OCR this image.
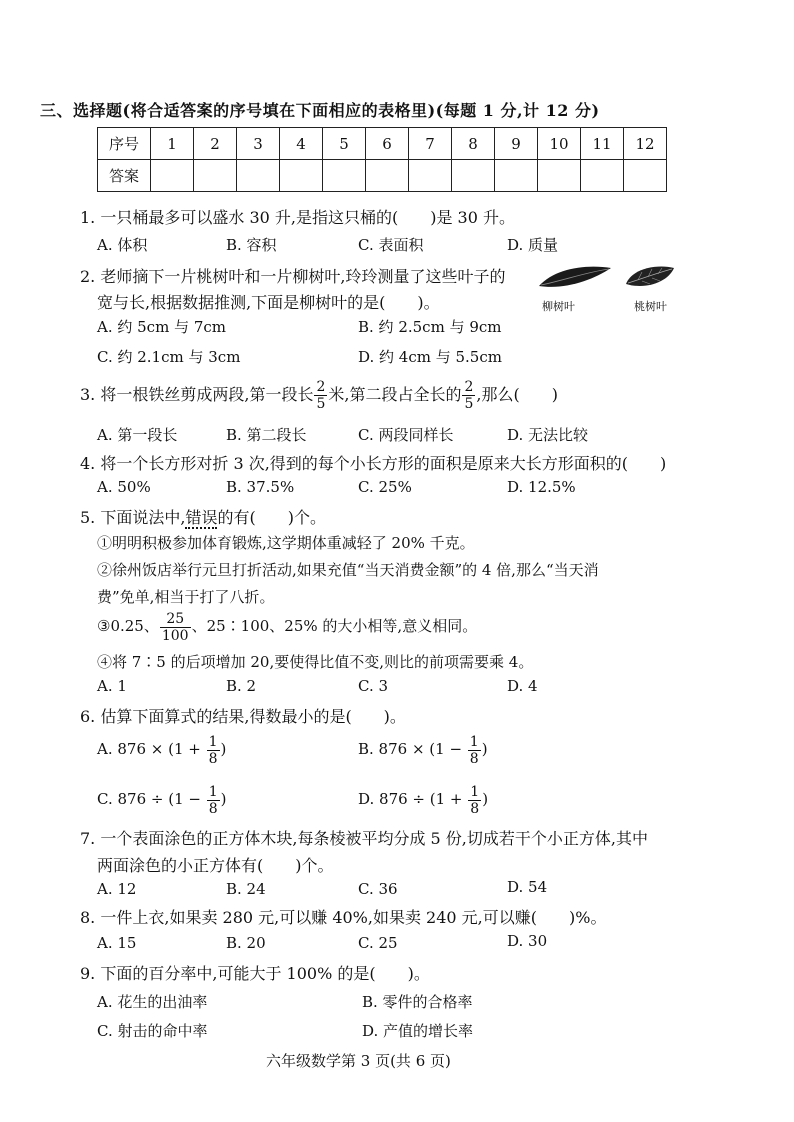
三、选择题(将合适答案的序号填在下面相应的表格里)(每题 1 分,计 12 分)
序号	1	2	3	4	5	6	7	8	9	10	11	12
答案												
1. 一只桶最多可以盛水 30 升,是指这只桶的(　　)是 30 升。
A. 体积	B. 容积	C. 表面积	D. 质量
2. 老师摘下一片桃树叶和一片柳树叶,玲玲测量了这些叶子的
宽与长,根据数据推测,下面是柳树叶的是(　　)。
A. 约 5cm 与 7cm	B. 约 2.5cm 与 9cm
C. 约 2.1cm 与 3cm	D. 约 4cm 与 5.5cm
柳树叶	桃树叶
3. 将一根铁丝剪成两段,第一段长 $\frac{2}{5}$ 米,第二段占全长的 $\frac{2}{5}$ ,那么(　　)
A. 第一段长	B. 第二段长	C. 两段同样长	D. 无法比较
4. 将一个长方形对折 3 次,得到的每个小长方形的面积是原来大长方形面积的(　　)
A. 50%	B. 37.5%	C. 25%	D. 12.5%
5. 下面说法中,错误的有(　　)个。
①明明积极参加体育锻炼,这学期体重减轻了 20% 千克。
②徐州饭店举行元旦打折活动,如果充值“当天消费金额”的 4 倍,那么“当天消
费”免单,相当于打了八折。
③0.25、 $\frac{25}{100}$ 、25∶100、25% 的大小相等,意义相同。
④将 7∶5 的后项增加 20,要使得比值不变,则比的前项需要乘 4。
A. 1	B. 2	C. 3	D. 4
6. 估算下面算式的结果,得数最小的是(　　)。
A. $876 \times (1 + \frac{1}{8}$ )	B. $876 \times (1 - \frac{1}{8}$ )
C. $876 \div (1 - \frac{1}{8}$ )	D. $876 \div (1 + \frac{1}{8}$ )
7. 一个表面涂色的正方体木块,每条棱被平均分成 5 份,切成若干个小正方体,其中
两面涂色的小正方体有(　　)个。
A. 12	B. 24	C. 36	D. 54
8. 一件上衣,如果卖 280 元,可以赚 40%,如果卖 240 元,可以赚(　　)%。
A. 15	B. 20	C. 25	D. 30
9. 下面的百分率中,可能大于 100% 的是(　　)。
A. 花生的出油率	B. 零件的合格率
C. 射击的命中率	D. 产值的增长率
六年级数学第 3 页(共 6 页)
